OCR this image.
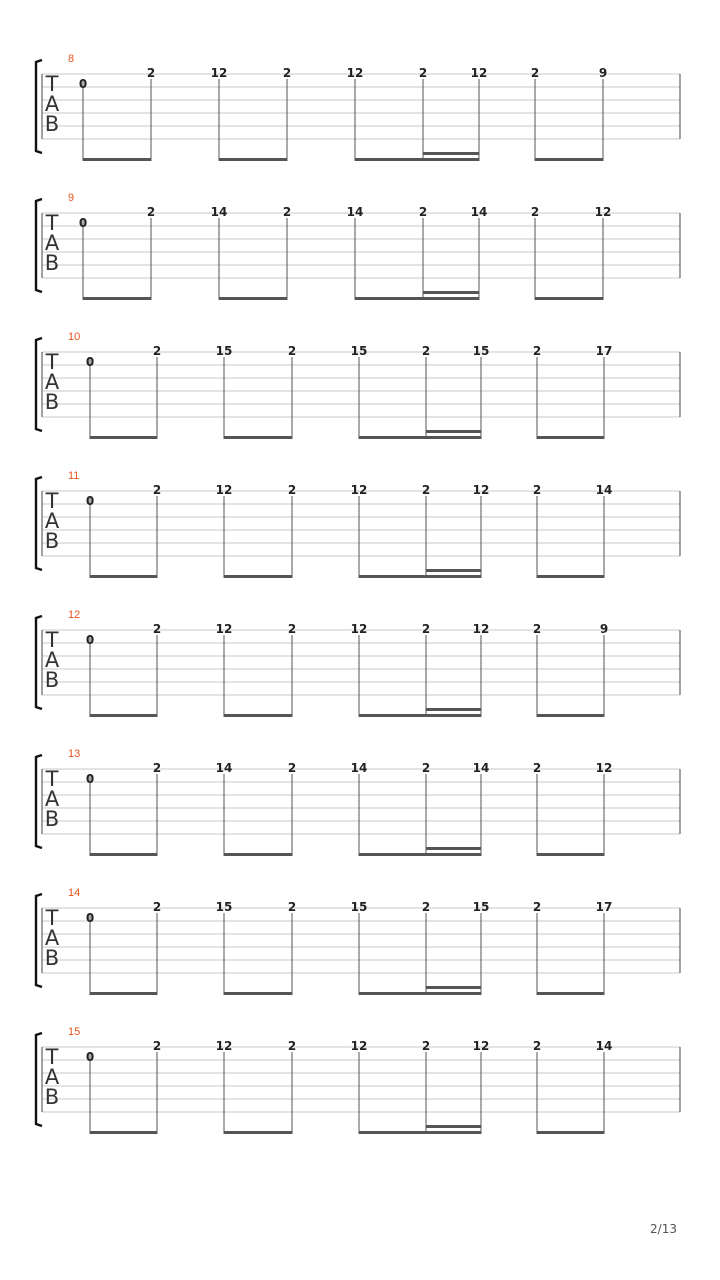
8
T
A
B
0
2	12	2	12	2	12	2	9
9
T
A
B
0
2	14	2	14	2	14	2	12
10
T
A
B
0
2	15	2	15	2	15	2	17
11
T
A
B
0
2	12	2	12	2	12	2	14
12
T
A
B
0
2	12	2	12	2	12	2	9
13
T
A
B
0
2	14	2	14	2	14	2	12
14
T
A
B
0
2	15	2	15	2	15	2	17
15
T
A
B
0
2	12	2	12	2	12	2	14
2/13
